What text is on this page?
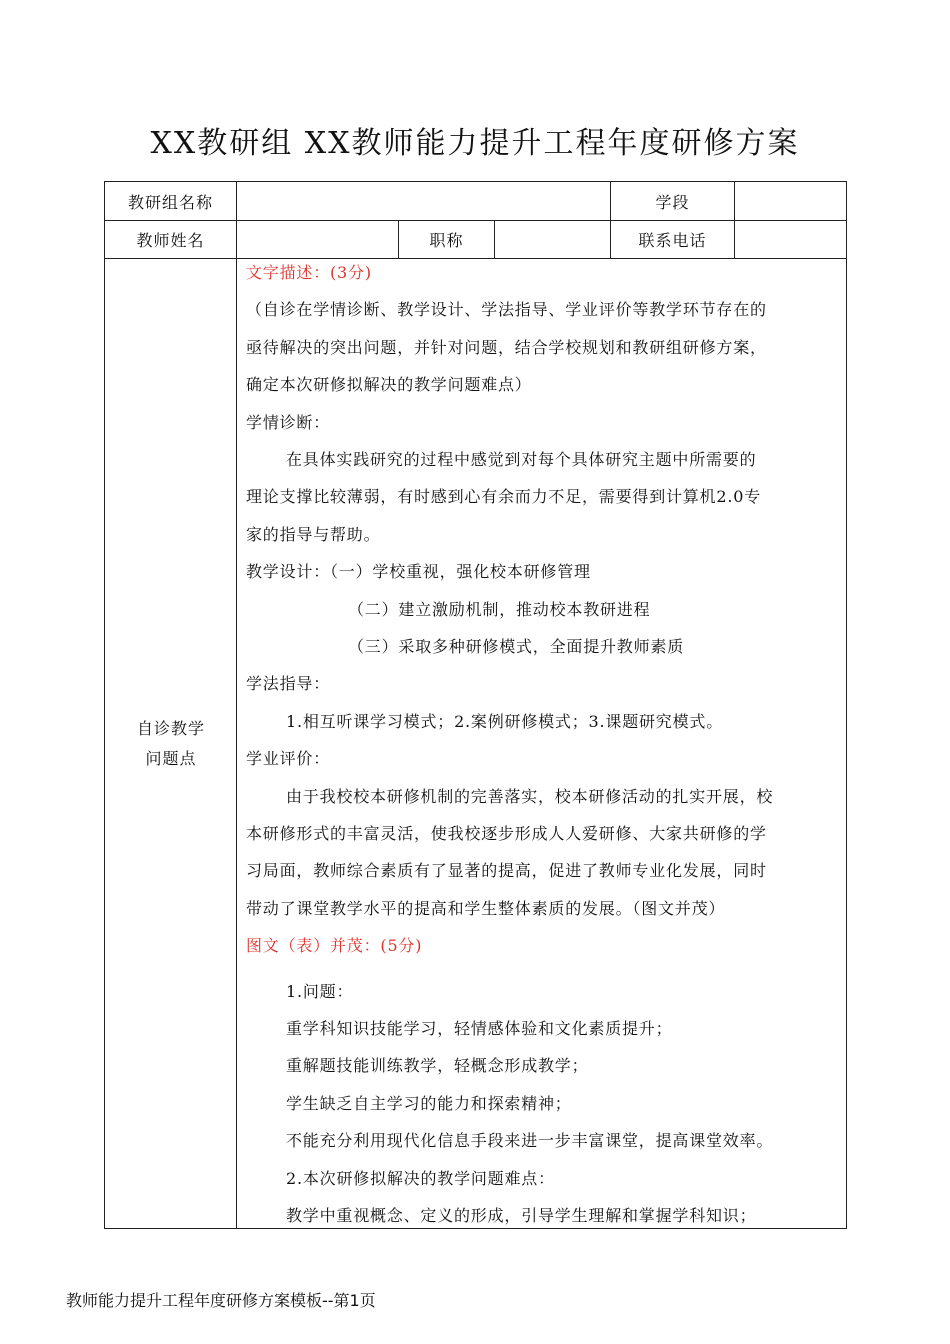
XX教研组 XX教师能力提升工程年度研修方案
教研组名称	学段
教师姓名	职称	联系电话
自诊教学
问题点
文字描述：(3分)
（自诊在学情诊断、教学设计、学法指导、学业评价等教学环节存在的
亟待解决的突出问题，并针对问题，结合学校规划和教研组研修方案，
确定本次研修拟解决的教学问题难点）
学情诊断：
在具体实践研究的过程中感觉到对每个具体研究主题中所需要的
理论支撑比较薄弱，有时感到心有余而力不足，需要得到计算机2.0专
家的指导与帮助。
教学设计：（一）学校重视，强化校本研修管理
（二）建立激励机制，推动校本教研进程
（三）采取多种研修模式，全面提升教师素质
学法指导：
1.相互听课学习模式；2.案例研修模式；3.课题研究模式。
学业评价：
由于我校校本研修机制的完善落实，校本研修活动的扎实开展，校
本研修形式的丰富灵活，使我校逐步形成人人爱研修、大家共研修的学
习局面，教师综合素质有了显著的提高，促进了教师专业化发展，同时
带动了课堂教学水平的提高和学生整体素质的发展。（图文并茂）
图文（表）并茂：(5分)
1.问题：
重学科知识技能学习，轻情感体验和文化素质提升；
重解题技能训练教学，轻概念形成教学；
学生缺乏自主学习的能力和探索精神；
不能充分利用现代化信息手段来进一步丰富课堂，提高课堂效率。
2.本次研修拟解决的教学问题难点：
教学中重视概念、定义的形成，引导学生理解和掌握学科知识；
教师能力提升工程年度研修方案模板--第1页
